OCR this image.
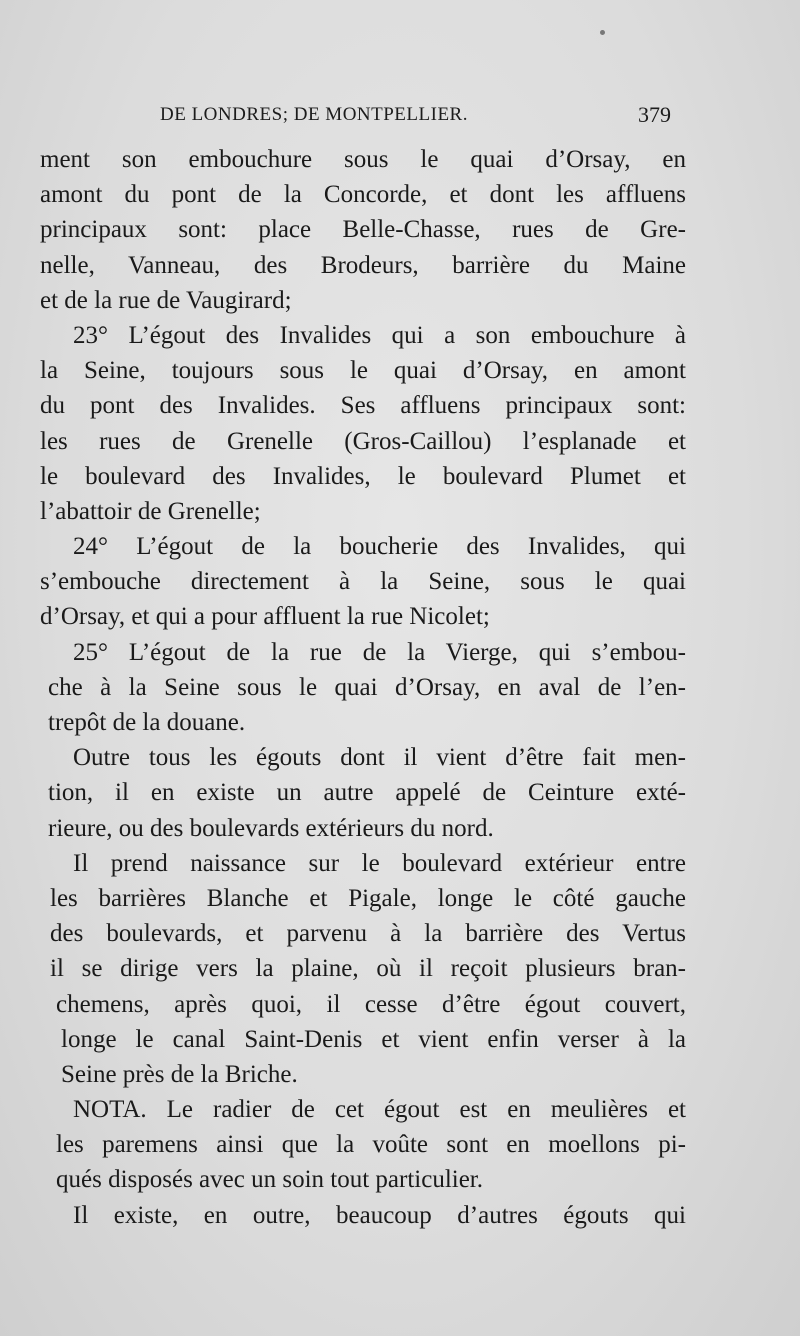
DE LONDRES; DE MONTPELLIER.	379
ment son embouchure sous le quai d’Orsay, en
amont du pont de la Concorde, et dont les affluens
principaux sont: place Belle-Chasse, rues de Gre-
nelle, Vanneau, des Brodeurs, barrière du Maine
et de la rue de Vaugirard;
23° L’égout des Invalides qui a son embouchure à
la Seine, toujours sous le quai d’Orsay, en amont
du pont des Invalides. Ses affluens principaux sont:
les rues de Grenelle (Gros-Caillou) l’esplanade et
le boulevard des Invalides, le boulevard Plumet et
l’abattoir de Grenelle;
24° L’égout de la boucherie des Invalides, qui
s’embouche directement à la Seine, sous le quai
d’Orsay, et qui a pour affluent la rue Nicolet;
25° L’égout de la rue de la Vierge, qui s’embou-
che à la Seine sous le quai d’Orsay, en aval de l’en-
trepôt de la douane.
Outre tous les égouts dont il vient d’être fait men-
tion, il en existe un autre appelé de Ceinture exté-
rieure, ou des boulevards extérieurs du nord.
Il prend naissance sur le boulevard extérieur entre
les barrières Blanche et Pigale, longe le côté gauche
des boulevards, et parvenu à la barrière des Vertus
il se dirige vers la plaine, où il reçoit plusieurs bran-
chemens, après quoi, il cesse d’être égout couvert,
longe le canal Saint-Denis et vient enfin verser à la
Seine près de la Briche.
NOTA. Le radier de cet égout est en meulières et
les paremens ainsi que la voûte sont en moellons pi-
qués disposés avec un soin tout particulier.
Il existe, en outre, beaucoup d’autres égouts qui
